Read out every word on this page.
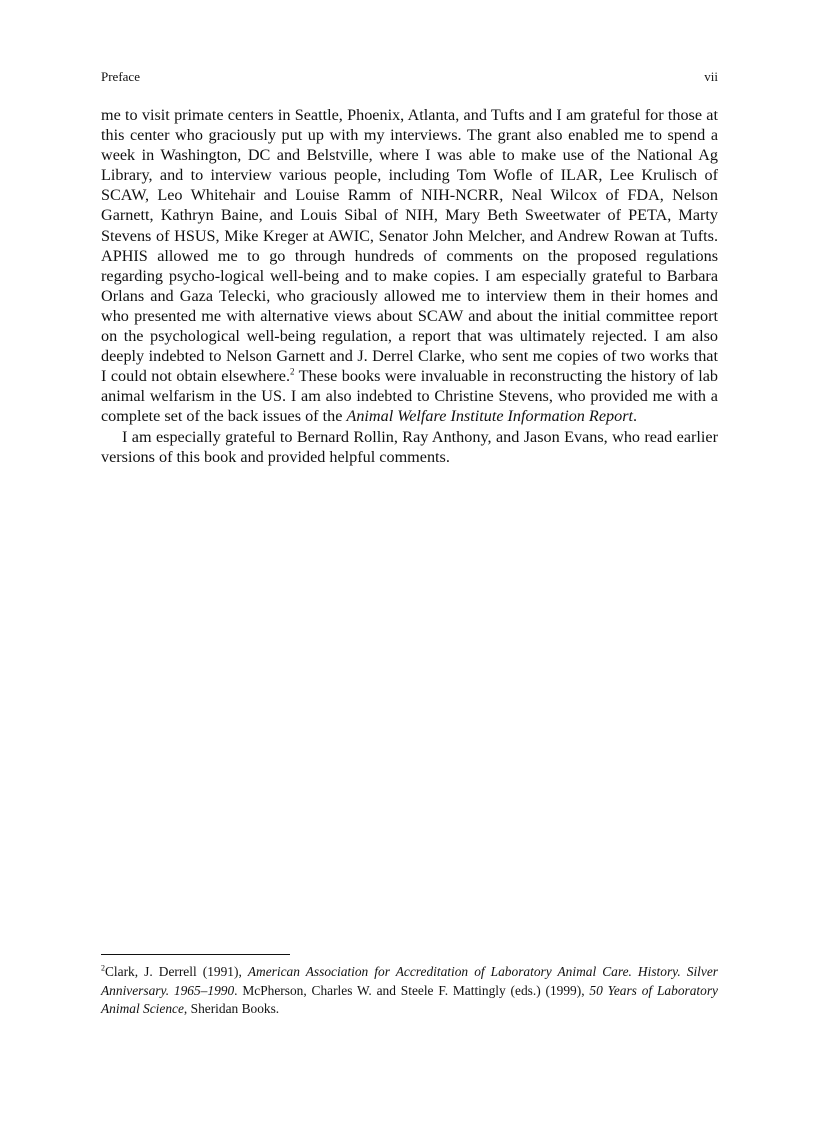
Preface	vii

me to visit primate centers in Seattle, Phoenix, Atlanta, and Tufts and I am grateful for those at this center who graciously put up with my interviews. The grant also enabled me to spend a week in Washington, DC and Belstville, where I was able to make use of the National Ag Library, and to interview various people, including Tom Wofle of ILAR, Lee Krulisch of SCAW, Leo Whitehair and Louise Ramm of NIH-NCRR, Neal Wilcox of FDA, Nelson Garnett, Kathryn Baine, and Louis Sibal of NIH, Mary Beth Sweetwater of PETA, Marty Stevens of HSUS, Mike Kreger at AWIC, Senator John Melcher, and Andrew Rowan at Tufts. APHIS allowed me to go through hundreds of comments on the proposed regulations regarding psycho-logical well-being and to make copies. I am especially grateful to Barbara Orlans and Gaza Telecki, who graciously allowed me to interview them in their homes and who presented me with alternative views about SCAW and about the initial committee report on the psychological well-being regulation, a report that was ultimately rejected. I am also deeply indebted to Nelson Garnett and J. Derrel Clarke, who sent me copies of two works that I could not obtain elsewhere.$^2$ These books were invaluable in reconstructing the history of lab animal welfarism in the US. I am also indebted to Christine Stevens, who provided me with a complete set of the back issues of the Animal Welfare Institute Information Report.

I am especially grateful to Bernard Rollin, Ray Anthony, and Jason Evans, who read earlier versions of this book and provided helpful comments.

$^2$Clark, J. Derrell (1991), American Association for Accreditation of Laboratory Animal Care. History. Silver Anniversary. 1965–1990. McPherson, Charles W. and Steele F. Mattingly (eds.) (1999), 50 Years of Laboratory Animal Science, Sheridan Books.
